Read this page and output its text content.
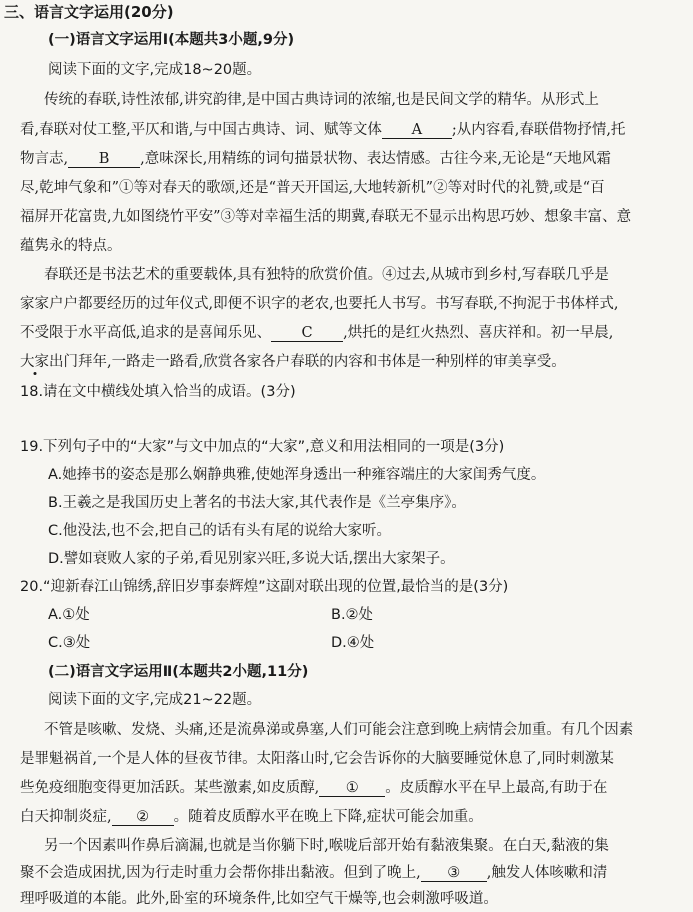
三、语言文字运用(20分)
(一)语言文字运用Ⅰ(本题共3小题,9分)
阅读下面的文字,完成18~20题。
传统的春联,诗性浓郁,讲究韵律,是中国古典诗词的浓缩,也是民间文学的精华。从形式上
看,春联对仗工整,平仄和谐,与中国古典诗、词、赋等文体 A ;从内容看,春联借物抒情,托
物言志, B ,意味深长,用精练的词句描景状物、表达情感。古往今来,无论是“天地风霜
尽,乾坤气象和”①等对春天的歌颂,还是“普天开国运,大地转新机”②等对时代的礼赞,或是“百
福屏开花富贵,九如图绕竹平安”③等对幸福生活的期冀,春联无不显示出构思巧妙、想象丰富、意
蕴隽永的特点。
春联还是书法艺术的重要载体,具有独特的欣赏价值。④过去,从城市到乡村,写春联几乎是
家家户户都要经历的过年仪式,即便不识字的老农,也要托人书写。书写春联,不拘泥于书体样式,
不受限于水平高低,追求的是喜闻乐见、 C ,烘托的是红火热烈、喜庆祥和。初一早晨,
大家出门拜年,一路走一路看,欣赏各家各户春联的内容和书体是一种别样的审美享受。
18.请在文中横线处填入恰当的成语。(3分)
19.下列句子中的“大家”与文中加点的“大家”,意义和用法相同的一项是(3分)
A.她捧书的姿态是那么娴静典雅,使她浑身透出一种雍容端庄的大家闺秀气度。
B.王羲之是我国历史上著名的书法大家,其代表作是《兰亭集序》。
C.他没法,也不会,把自己的话有头有尾的说给大家听。
D.譬如衰败人家的子弟,看见别家兴旺,多说大话,摆出大家架子。
20.“迎新春江山锦绣,辞旧岁事泰辉煌”这副对联出现的位置,最恰当的是(3分)
A.①处	B.②处
C.③处	D.④处
(二)语言文字运用Ⅱ(本题共2小题,11分)
阅读下面的文字,完成21~22题。
不管是咳嗽、发烧、头痛,还是流鼻涕或鼻塞,人们可能会注意到晚上病情会加重。有几个因素
是罪魁祸首,一个是人体的昼夜节律。太阳落山时,它会告诉你的大脑要睡觉休息了,同时刺激某
些免疫细胞变得更加活跃。某些激素,如皮质醇, ① 。皮质醇水平在早上最高,有助于在
白天抑制炎症, ② 。随着皮质醇水平在晚上下降,症状可能会加重。
另一个因素叫作鼻后滴漏,也就是当你躺下时,喉咙后部开始有黏液集聚。在白天,黏液的集
聚不会造成困扰,因为行走时重力会帮你排出黏液。但到了晚上, ③ ,触发人体咳嗽和清
理呼吸道的本能。此外,卧室的环境条件,比如空气干燥等,也会刺激呼吸道。
